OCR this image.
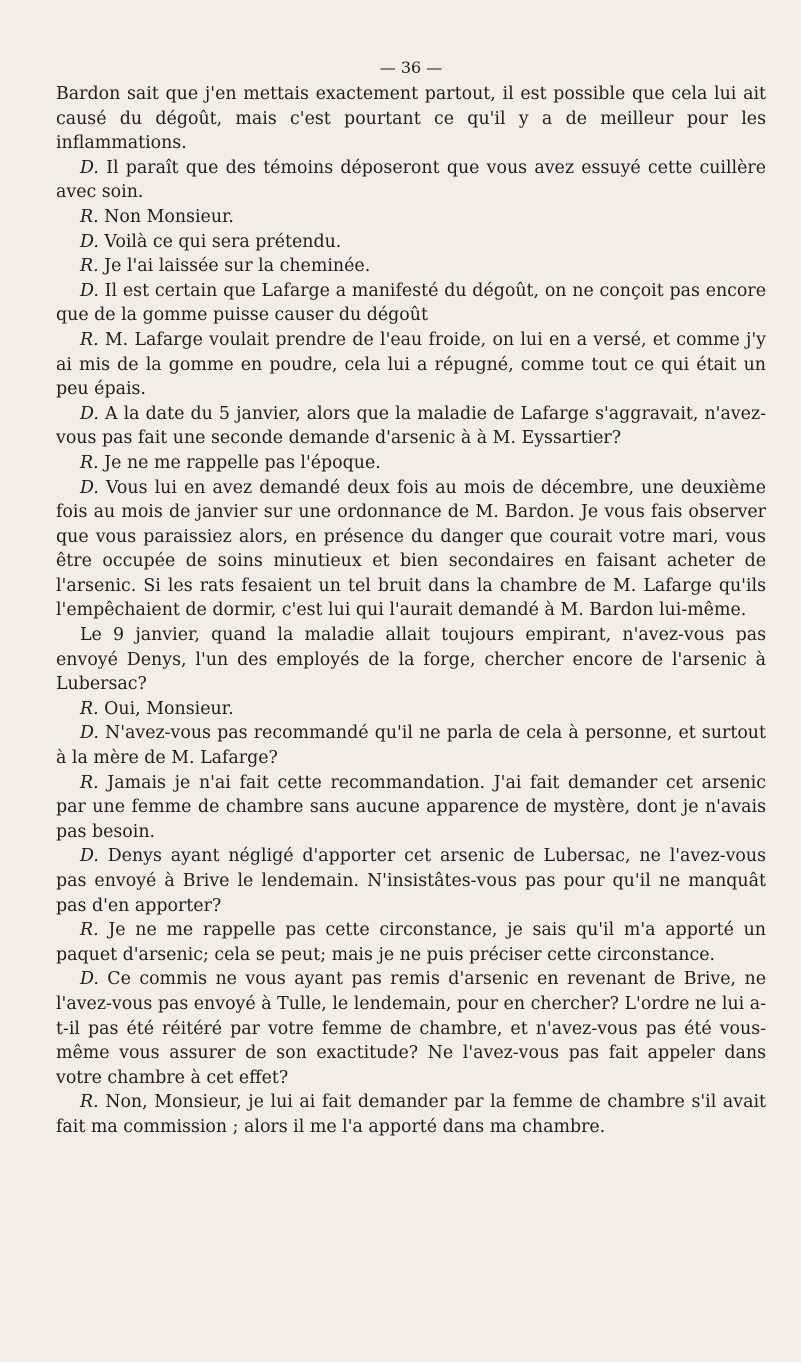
— 36 —

Bardon sait que j'en mettais exactement partout, il est possible que cela lui ait causé du dégoût, mais c'est pourtant ce qu'il y a de meilleur pour les inflammations.

D. Il paraît que des témoins déposeront que vous avez essuyé cette cuillère avec soin.

R. Non Monsieur.

D. Voilà ce qui sera prétendu.

R. Je l'ai laissée sur la cheminée.

D. Il est certain que Lafarge a manifesté du dégoût, on ne conçoit pas encore que de la gomme puisse causer du dégoût

R. M. Lafarge voulait prendre de l'eau froide, on lui en a versé, et comme j'y ai mis de la gomme en poudre, cela lui a répugné, comme tout ce qui était un peu épais.

D. A la date du 5 janvier, alors que la maladie de Lafarge s'aggravait, n'avez-vous pas fait une seconde demande d'arsenic à à M. Eyssartier?

R. Je ne me rappelle pas l'époque.

D. Vous lui en avez demandé deux fois au mois de décembre, une deuxième fois au mois de janvier sur une ordonnance de M. Bardon. Je vous fais observer que vous paraissiez alors, en présence du danger que courait votre mari, vous être occupée de soins minutieux et bien secondaires en faisant acheter de l'arsenic. Si les rats fesaient un tel bruit dans la chambre de M. Lafarge qu'ils l'empêchaient de dormir, c'est lui qui l'aurait demandé à M. Bardon lui-même.

Le 9 janvier, quand la maladie allait toujours empirant, n'avez-vous pas envoyé Denys, l'un des employés de la forge, chercher encore de l'arsenic à Lubersac?

R. Oui, Monsieur.

D. N'avez-vous pas recommandé qu'il ne parla de cela à personne, et surtout à la mère de M. Lafarge?

R. Jamais je n'ai fait cette recommandation. J'ai fait demander cet arsenic par une femme de chambre sans aucune apparence de mystère, dont je n'avais pas besoin.

D. Denys ayant négligé d'apporter cet arsenic de Lubersac, ne l'avez-vous pas envoyé à Brive le lendemain. N'insistâtes-vous pas pour qu'il ne manquât pas d'en apporter?

R. Je ne me rappelle pas cette circonstance, je sais qu'il m'a apporté un paquet d'arsenic; cela se peut; mais je ne puis préciser cette circonstance.

D. Ce commis ne vous ayant pas remis d'arsenic en revenant de Brive, ne l'avez-vous pas envoyé à Tulle, le lendemain, pour en chercher? L'ordre ne lui a-t-il pas été réitéré par votre femme de chambre, et n'avez-vous pas été vous-même vous assurer de son exactitude? Ne l'avez-vous pas fait appeler dans votre chambre à cet effet?

R. Non, Monsieur, je lui ai fait demander par la femme de chambre s'il avait fait ma commission ; alors il me l'a apporté dans ma chambre.
